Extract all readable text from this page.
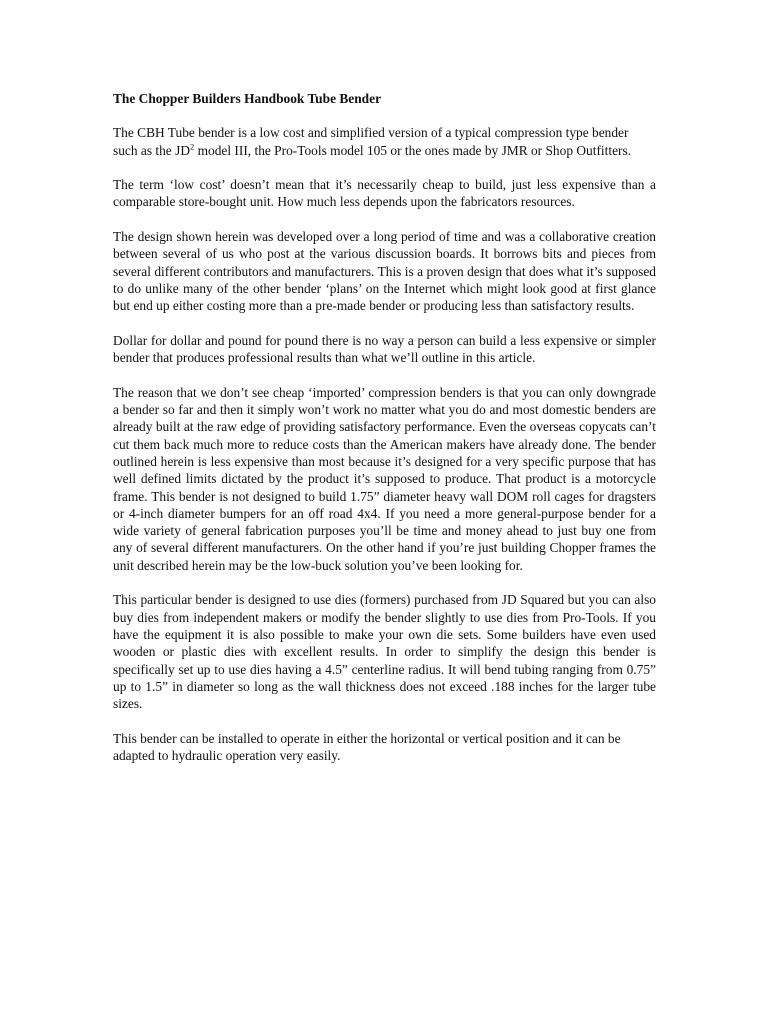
The Chopper Builders Handbook Tube Bender

The CBH Tube bender is a low cost and simplified version of a typical compression type bender such as the $JD^2$ model III, the Pro-Tools model 105 or the ones made by JMR or Shop Outfitters.

The term ‘low cost’ doesn’t mean that it’s necessarily cheap to build, just less expensive than a comparable store-bought unit. How much less depends upon the fabricators resources.

The design shown herein was developed over a long period of time and was a collaborative creation between several of us who post at the various discussion boards. It borrows bits and pieces from several different contributors and manufacturers. This is a proven design that does what it’s supposed to do unlike many of the other bender ‘plans’ on the Internet which might look good at first glance but end up either costing more than a pre-made bender or producing less than satisfactory results.

Dollar for dollar and pound for pound there is no way a person can build a less expensive or simpler bender that produces professional results than what we’ll outline in this article.

The reason that we don’t see cheap ‘imported’ compression benders is that you can only downgrade a bender so far and then it simply won’t work no matter what you do and most domestic benders are already built at the raw edge of providing satisfactory performance. Even the overseas copycats can’t cut them back much more to reduce costs than the American makers have already done. The bender outlined herein is less expensive than most because it’s designed for a very specific purpose that has well defined limits dictated by the product it’s supposed to produce. That product is a motorcycle frame. This bender is not designed to build 1.75” diameter heavy wall DOM roll cages for dragsters or 4-inch diameter bumpers for an off road 4x4. If you need a more general-purpose bender for a wide variety of general fabrication purposes you’ll be time and money ahead to just buy one from any of several different manufacturers. On the other hand if you’re just building Chopper frames the unit described herein may be the low-buck solution you’ve been looking for.

This particular bender is designed to use dies (formers) purchased from JD Squared but you can also buy dies from independent makers or modify the bender slightly to use dies from Pro-Tools. If you have the equipment it is also possible to make your own die sets. Some builders have even used wooden or plastic dies with excellent results. In order to simplify the design this bender is specifically set up to use dies having a 4.5” centerline radius. It will bend tubing ranging from 0.75” up to 1.5” in diameter so long as the wall thickness does not exceed .188 inches for the larger tube sizes.

This bender can be installed to operate in either the horizontal or vertical position and it can be adapted to hydraulic operation very easily.
